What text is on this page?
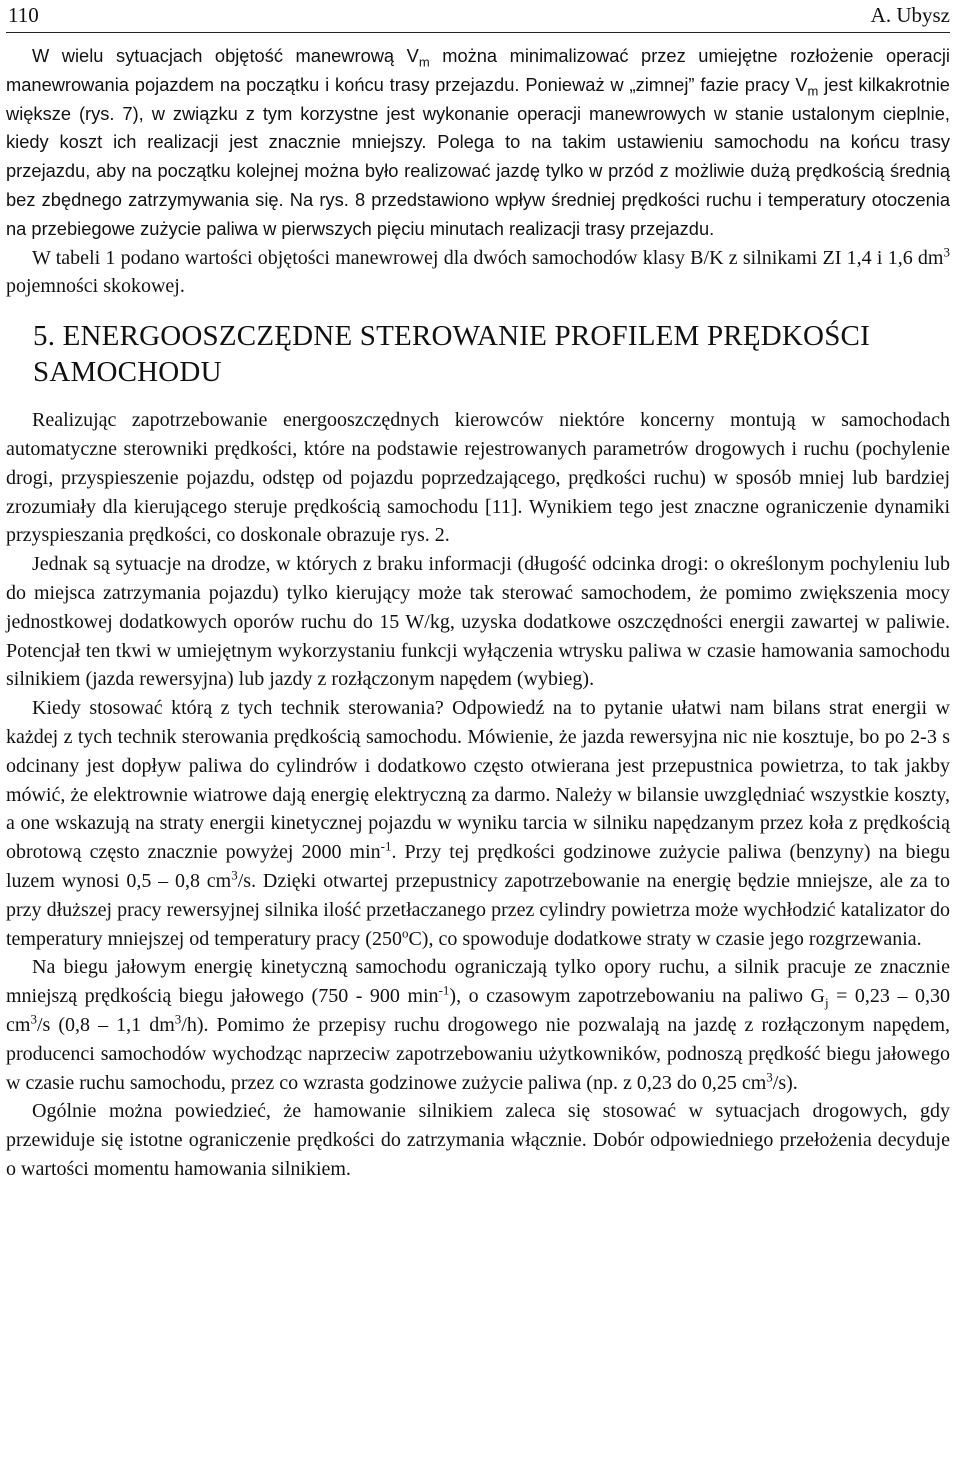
110	A. Ubysz

W wielu sytuacjach objętość manewrową $V_m$ można minimalizować przez umiejętne rozłożenie operacji manewrowania pojazdem na początku i końcu trasy przejazdu. Ponieważ w „zimnej” fazie pracy $V_m$ jest kilkakrotnie większe (rys. 7), w związku z tym korzystne jest wykonanie operacji manewrowych w stanie ustalonym cieplnie, kiedy koszt ich realizacji jest znacznie mniejszy. Polega to na takim ustawieniu samochodu na końcu trasy przejazdu, aby na początku kolejnej można było realizować jazdę tylko w przód z możliwie dużą prędkością średnią bez zbędnego zatrzymywania się. Na rys. 8 przedstawiono wpływ średniej prędkości ruchu i temperatury otoczenia na przebiegowe zużycie paliwa w pierwszych pięciu minutach realizacji trasy przejazdu.

W tabeli 1 podano wartości objętości manewrowej dla dwóch samochodów klasy B/K z silnikami ZI 1,4 i 1,6 $dm^3$ pojemności skokowej.

5. ENERGOOSZCZĘDNE STEROWANIE PROFILEM PRĘDKOŚCI
SAMOCHODU

Realizując zapotrzebowanie energooszczędnych kierowców niektóre koncerny montują w samochodach automatyczne sterowniki prędkości, które na podstawie rejestrowanych parametrów drogowych i ruchu (pochylenie drogi, przyspieszenie pojazdu, odstęp od pojazdu poprzedzającego, prędkości ruchu) w sposób mniej lub bardziej zrozumiały dla kierującego steruje prędkością samochodu [11]. Wynikiem tego jest znaczne ograniczenie dynamiki przyspieszania prędkości, co doskonale obrazuje rys. 2.

Jednak są sytuacje na drodze, w których z braku informacji (długość odcinka drogi: o określonym pochyleniu lub do miejsca zatrzymania pojazdu) tylko kierujący może tak sterować samochodem, że pomimo zwiększenia mocy jednostkowej dodatkowych oporów ruchu do 15 W/kg, uzyska dodatkowe oszczędności energii zawartej w paliwie. Potencjał ten tkwi w umiejętnym wykorzystaniu funkcji wyłączenia wtrysku paliwa w czasie hamowania samochodu silnikiem (jazda rewersyjna) lub jazdy z rozłączonym napędem (wybieg).

Kiedy stosować którą z tych technik sterowania? Odpowiedź na to pytanie ułatwi nam bilans strat energii w każdej z tych technik sterowania prędkością samochodu. Mówienie, że jazda rewersyjna nic nie kosztuje, bo po 2-3 s odcinany jest dopływ paliwa do cylindrów i dodatkowo często otwierana jest przepustnica powietrza, to tak jakby mówić, że elektrownie wiatrowe dają energię elektryczną za darmo. Należy w bilansie uwzględniać wszystkie koszty, a one wskazują na straty energii kinetycznej pojazdu w wyniku tarcia w silniku napędzanym przez koła z prędkością obrotową często znacznie powyżej 2000 $\min^{-1}$. Przy tej prędkości godzinowe zużycie paliwa (benzyny) na biegu luzem wynosi 0,5 – 0,8 $cm^3/s$. Dzięki otwartej przepustnicy zapotrzebowanie na energię będzie mniejsze, ale za to przy dłuższej pracy rewersyjnej silnika ilość przetłaczanego przez cylindry powietrza może wychłodzić katalizator do temperatury mniejszej od temperatury pracy (250$^o$C), co spowoduje dodatkowe straty w czasie jego rozgrzewania.

Na biegu jałowym energię kinetyczną samochodu ograniczają tylko opory ruchu, a silnik pracuje ze znacznie mniejszą prędkością biegu jałowego (750 - 900 $\min^{-1}$), o czasowym zapotrzebowaniu na paliwo $G_j = 0,23 - 0,30$ $cm^3/s$ (0,8 – 1,1 $dm^3/h$). Pomimo że przepisy ruchu drogowego nie pozwalają na jazdę z rozłączonym napędem, producenci samochodów wychodząc naprzeciw zapotrzebowaniu użytkowników, podnoszą prędkość biegu jałowego w czasie ruchu samochodu, przez co wzrasta godzinowe zużycie paliwa (np. z 0,23 do 0,25 $cm^3/s$).

Ogólnie można powiedzieć, że hamowanie silnikiem zaleca się stosować w sytuacjach drogowych, gdy przewiduje się istotne ograniczenie prędkości do zatrzymania włącznie. Dobór odpowiedniego przełożenia decyduje o wartości momentu hamowania silnikiem.
